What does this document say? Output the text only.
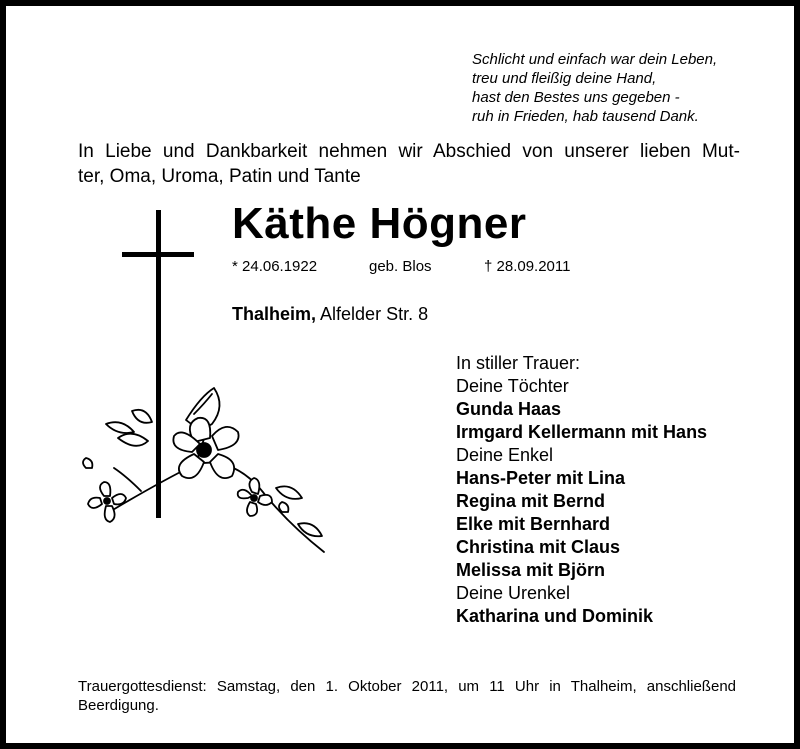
Schlicht und einfach war dein Leben,
treu und fleißig deine Hand,
hast den Bestes uns gegeben -
ruh in Frieden, hab tausend Dank.
In Liebe und Dankbarkeit nehmen wir Abschied von unserer lieben Mut-
ter, Oma, Uroma, Patin und Tante
Käthe Högner
* 24.06.1922	geb. Blos	† 28.09.2011
Thalheim, Alfelder Str. 8
In stiller Trauer:
Deine Töchter
Gunda Haas
Irmgard Kellermann mit Hans
Deine Enkel
Hans-Peter mit Lina
Regina mit Bernd
Elke mit Bernhard
Christina mit Claus
Melissa mit Björn
Deine Urenkel
Katharina und Dominik
Trauergottesdienst: Samstag, den 1. Oktober 2011, um 11 Uhr in Thalheim, anschließend
Beerdigung.
